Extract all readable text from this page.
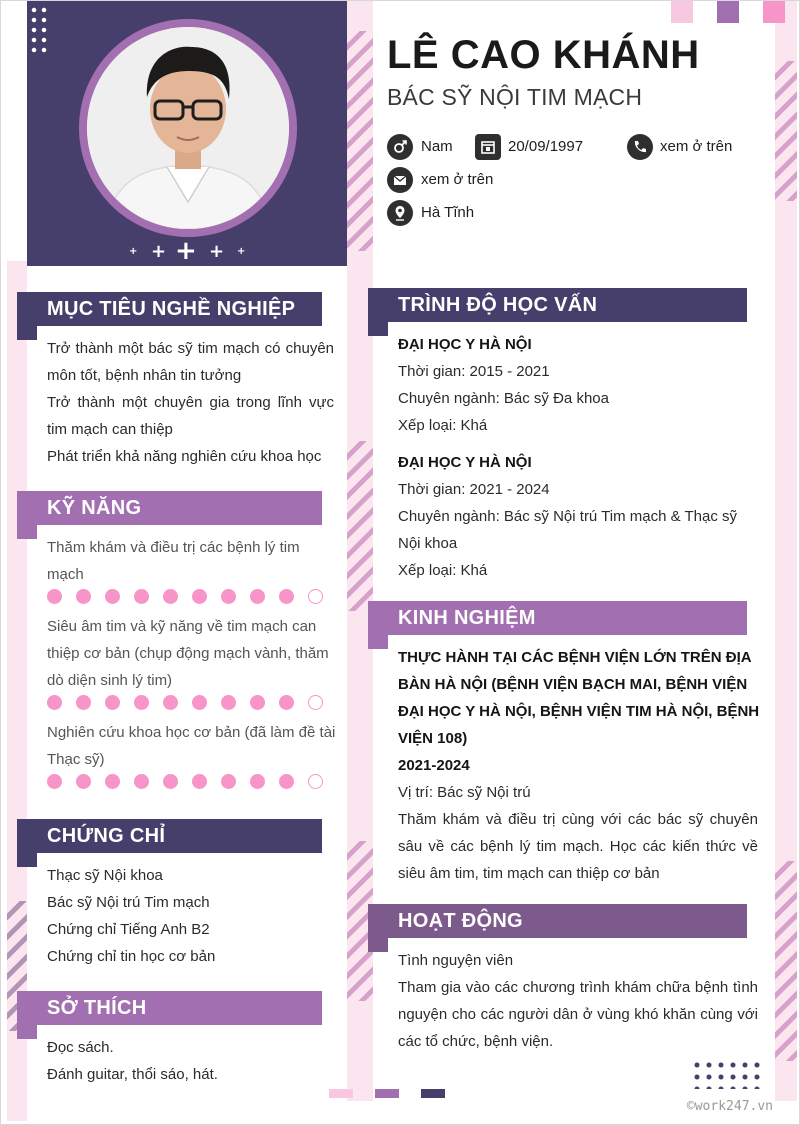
+ + + + +
LÊ CAO KHÁNH
BÁC SỸ NỘI TIM MẠCH
Nam	20/09/1997	xem ở trên
xem ở trên
Hà Tĩnh
MỤC TIÊU NGHỀ NGHIỆP
Trở thành một bác sỹ tim mạch có chuyên môn tốt, bệnh nhân tin tưởng
Trở thành một chuyên gia trong lĩnh vực tim mạch can thiệp
Phát triển khả năng nghiên cứu khoa học
KỸ NĂNG
Thăm khám và điều trị các bệnh lý tim mạch
Siêu âm tim và kỹ năng về tim mạch can thiệp cơ bản (chụp động mạch vành, thăm dò diện sinh lý tim)
Nghiên cứu khoa học cơ bản (đã làm đề tài Thạc sỹ)
CHỨNG CHỈ
Thạc sỹ Nội khoa
Bác sỹ Nội trú Tim mạch
Chứng chỉ Tiếng Anh B2
Chứng chỉ tin học cơ bản
SỞ THÍCH
Đọc sách.
Đánh guitar, thổi sáo, hát.
TRÌNH ĐỘ HỌC VẤN
ĐẠI HỌC Y HÀ NỘI
Thời gian: 2015 - 2021
Chuyên ngành: Bác sỹ Đa khoa
Xếp loại: Khá
ĐẠI HỌC Y HÀ NỘI
Thời gian: 2021 - 2024
Chuyên ngành: Bác sỹ Nội trú Tim mạch & Thạc sỹ Nội khoa
Xếp loại: Khá
KINH NGHIỆM
THỰC HÀNH TẠI CÁC BỆNH VIỆN LỚN TRÊN ĐỊA BÀN HÀ NỘI (BỆNH VIỆN BẠCH MAI, BỆNH VIỆN ĐẠI HỌC Y HÀ NỘI, BỆNH VIỆN TIM HÀ NỘI, BỆNH VIỆN 108)
2021-2024
Vị trí: Bác sỹ Nội trú
Thăm khám và điều trị cùng với các bác sỹ chuyên sâu về các bệnh lý tim mạch. Học các kiến thức về siêu âm tim, tim mạch can thiệp cơ bản
HOẠT ĐỘNG
Tình nguyện viên
Tham gia vào các chương trình khám chữa bệnh tình nguyện cho các người dân ở vùng khó khăn cùng với các tổ chức, bệnh viện.
©work247.vn
